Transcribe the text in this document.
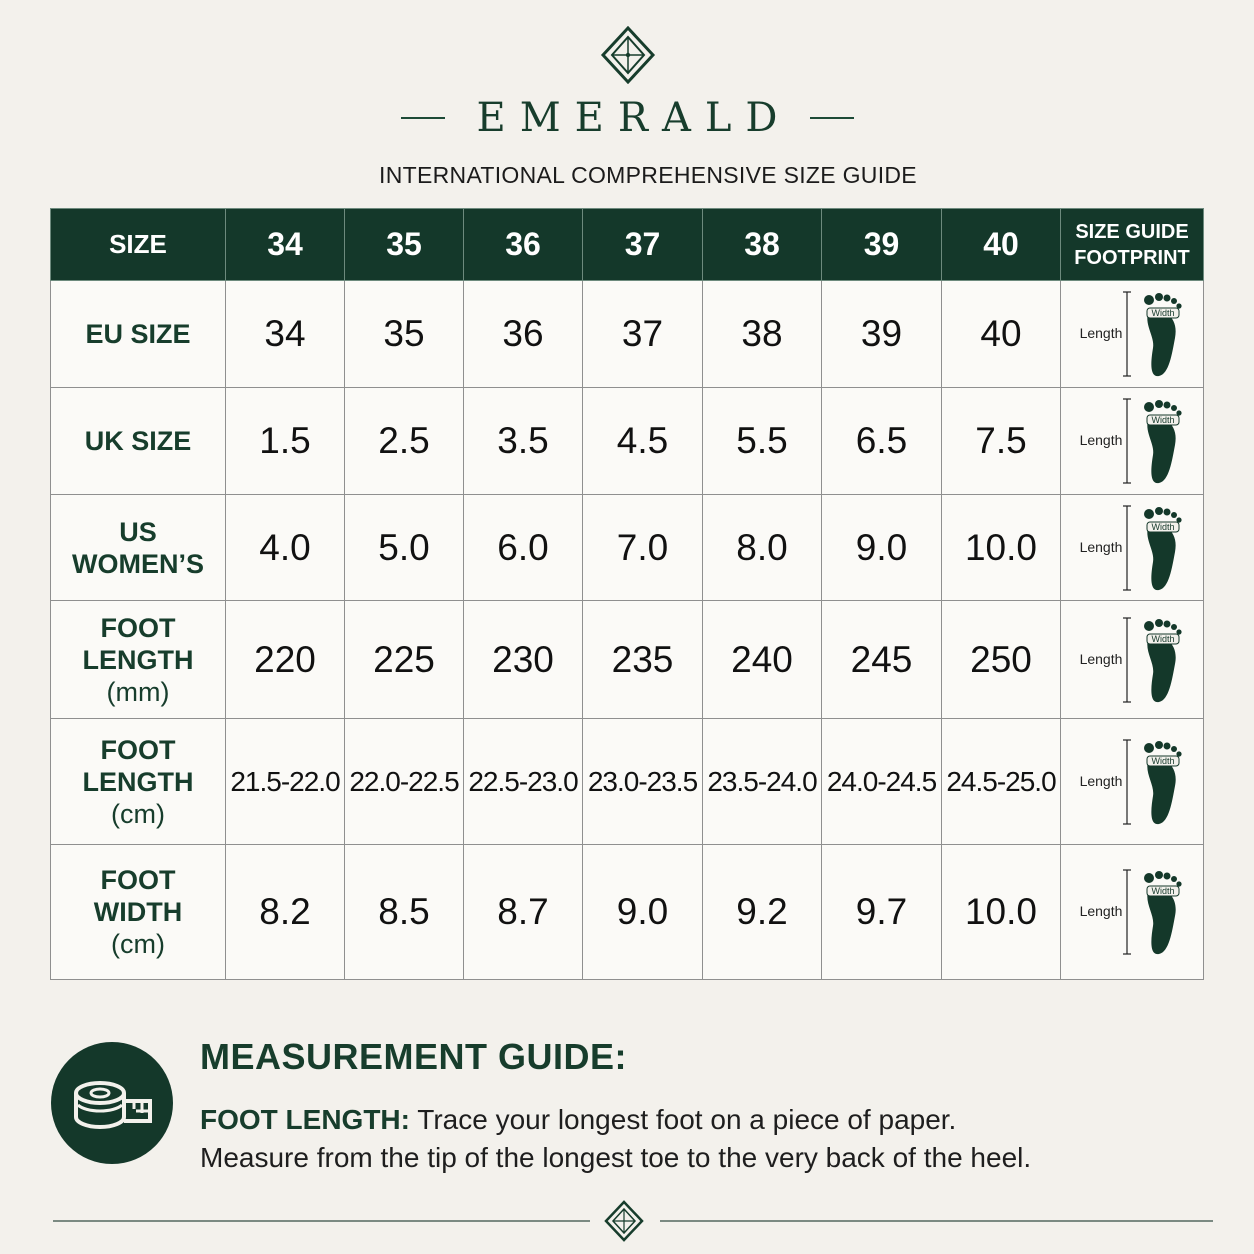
EMERALD
INTERNATIONAL COMPREHENSIVE SIZE GUIDE
SIZE	34	35	36	37	38	39	40	SIZE GUIDE
FOOTPRINT

EU SIZE	34	35	36	37	38	39	40	Length
Width

UK SIZE	1.5	2.5	3.5	4.5	5.5	6.5	7.5	Length
Width

US
WOMEN’S	4.0	5.0	6.0	7.0	8.0	9.0	10.0	Length
Width

FOOT
LENGTH
(mm)	220	225	230	235	240	245	250	Length
Width

FOOT
LENGTH
(cm)	21.5-22.0	22.0-22.5	22.5-23.0	23.0-23.5	23.5-24.0	24.0-24.5	24.5-25.0	Length
Width

FOOT
WIDTH
(cm)	8.2	8.5	8.7	9.0	9.2	9.7	10.0	Length
Width
MEASUREMENT GUIDE:

FOOT LENGTH: Trace your longest foot on a piece of paper.
Measure from the tip of the longest toe to the very back of the heel.
